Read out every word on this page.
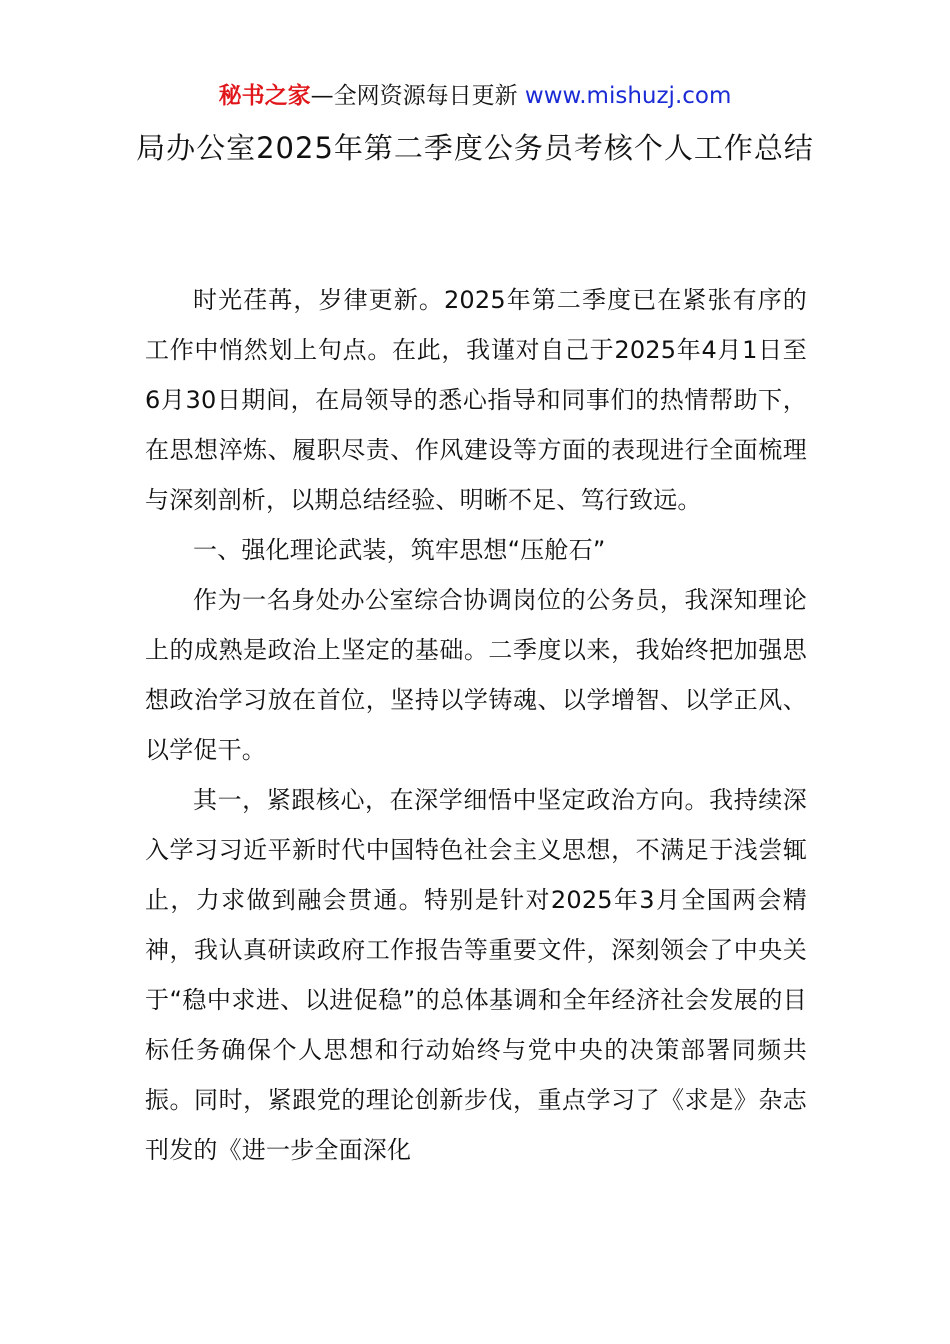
秘书之家—全网资源每日更新 www.mishuzj.com
局办公室2025年第二季度公务员考核个人工作总结

时光荏苒，岁律更新。2025年第二季度已在紧张有序的工作中悄然划上句点。在此，我谨对自己于2025年4月1日至6月30日期间，在局领导的悉心指导和同事们的热情帮助下，在思想淬炼、履职尽责、作风建设等方面的表现进行全面梳理与深刻剖析，以期总结经验、明晰不足、笃行致远。

一、强化理论武装，筑牢思想“压舱石”

作为一名身处办公室综合协调岗位的公务员，我深知理论上的成熟是政治上坚定的基础。二季度以来，我始终把加强思想政治学习放在首位，坚持以学铸魂、以学增智、以学正风、以学促干。

其一，紧跟核心，在深学细悟中坚定政治方向。我持续深入学习习近平新时代中国特色社会主义思想，不满足于浅尝辄止，力求做到融会贯通。特别是针对2025年3月全国两会精神，我认真研读政府工作报告等重要文件，深刻领会了中央关于“稳中求进、以进促稳”的总体基调和全年经济社会发展的目标任务确保个人思想和行动始终与党中央的决策部署同频共振。同时，紧跟党的理论创新步伐，重点学习了《求是》杂志刊发的《进一步全面深化
